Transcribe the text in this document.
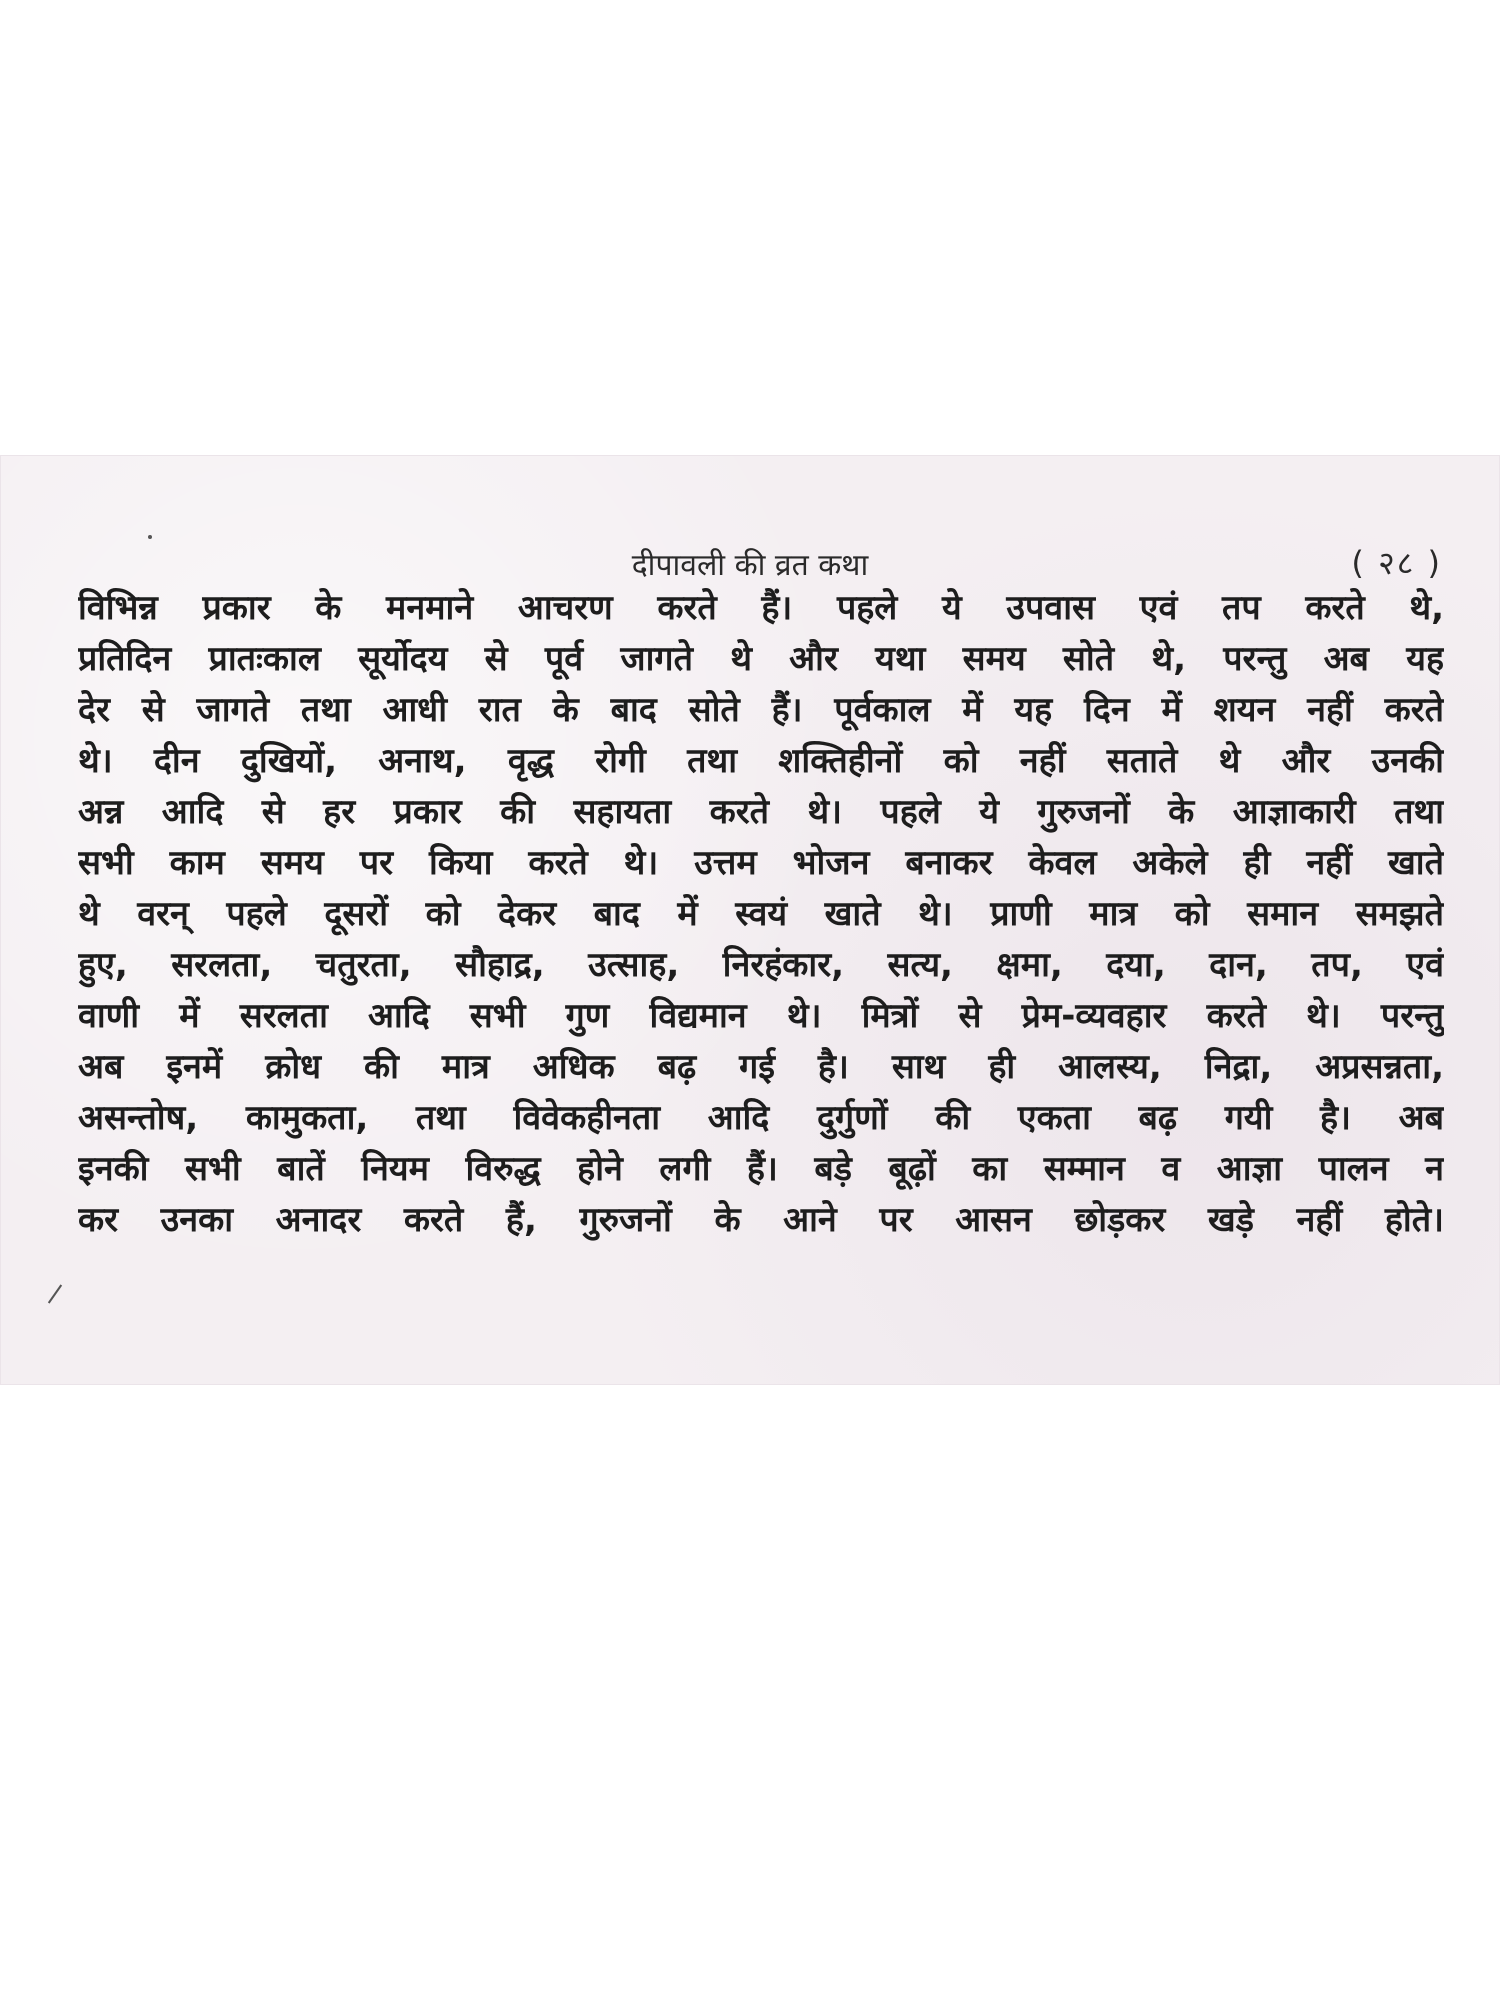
दीपावली की व्रत कथा	( २८ )
विभिन्न प्रकार के मनमाने आचरण करते हैं। पहले ये उपवास एवं तप करते थे,
प्रतिदिन प्रातःकाल सूर्योदय से पूर्व जागते थे और यथा समय सोते थे, परन्तु अब यह
देर से जागते तथा आधी रात के बाद सोते हैं। पूर्वकाल में यह दिन में शयन नहीं करते
थे। दीन दुखियों, अनाथ, वृद्ध रोगी तथा शक्तिहीनों को नहीं सताते थे और उनकी
अन्न आदि से हर प्रकार की सहायता करते थे। पहले ये गुरुजनों के आज्ञाकारी तथा
सभी काम समय पर किया करते थे। उत्तम भोजन बनाकर केवल अकेले ही नहीं खाते
थे वरन् पहले दूसरों को देकर बाद में स्वयं खाते थे। प्राणी मात्र को समान समझते
हुए, सरलता, चतुरता, सौहाद्र, उत्साह, निरहंकार, सत्य, क्षमा, दया, दान, तप, एवं
वाणी में सरलता आदि सभी गुण विद्यमान थे। मित्रों से प्रेम-व्यवहार करते थे। परन्तु
अब इनमें क्रोध की मात्र अधिक बढ़ गई है। साथ ही आलस्य, निद्रा, अप्रसन्नता,
असन्तोष, कामुकता, तथा विवेकहीनता आदि दुर्गुणों की एकता बढ़ गयी है। अब
इनकी सभी बातें नियम विरुद्ध होने लगी हैं। बड़े बूढ़ों का सम्मान व आज्ञा पालन न
कर उनका अनादर करते हैं, गुरुजनों के आने पर आसन छोड़कर खड़े नहीं होते।
